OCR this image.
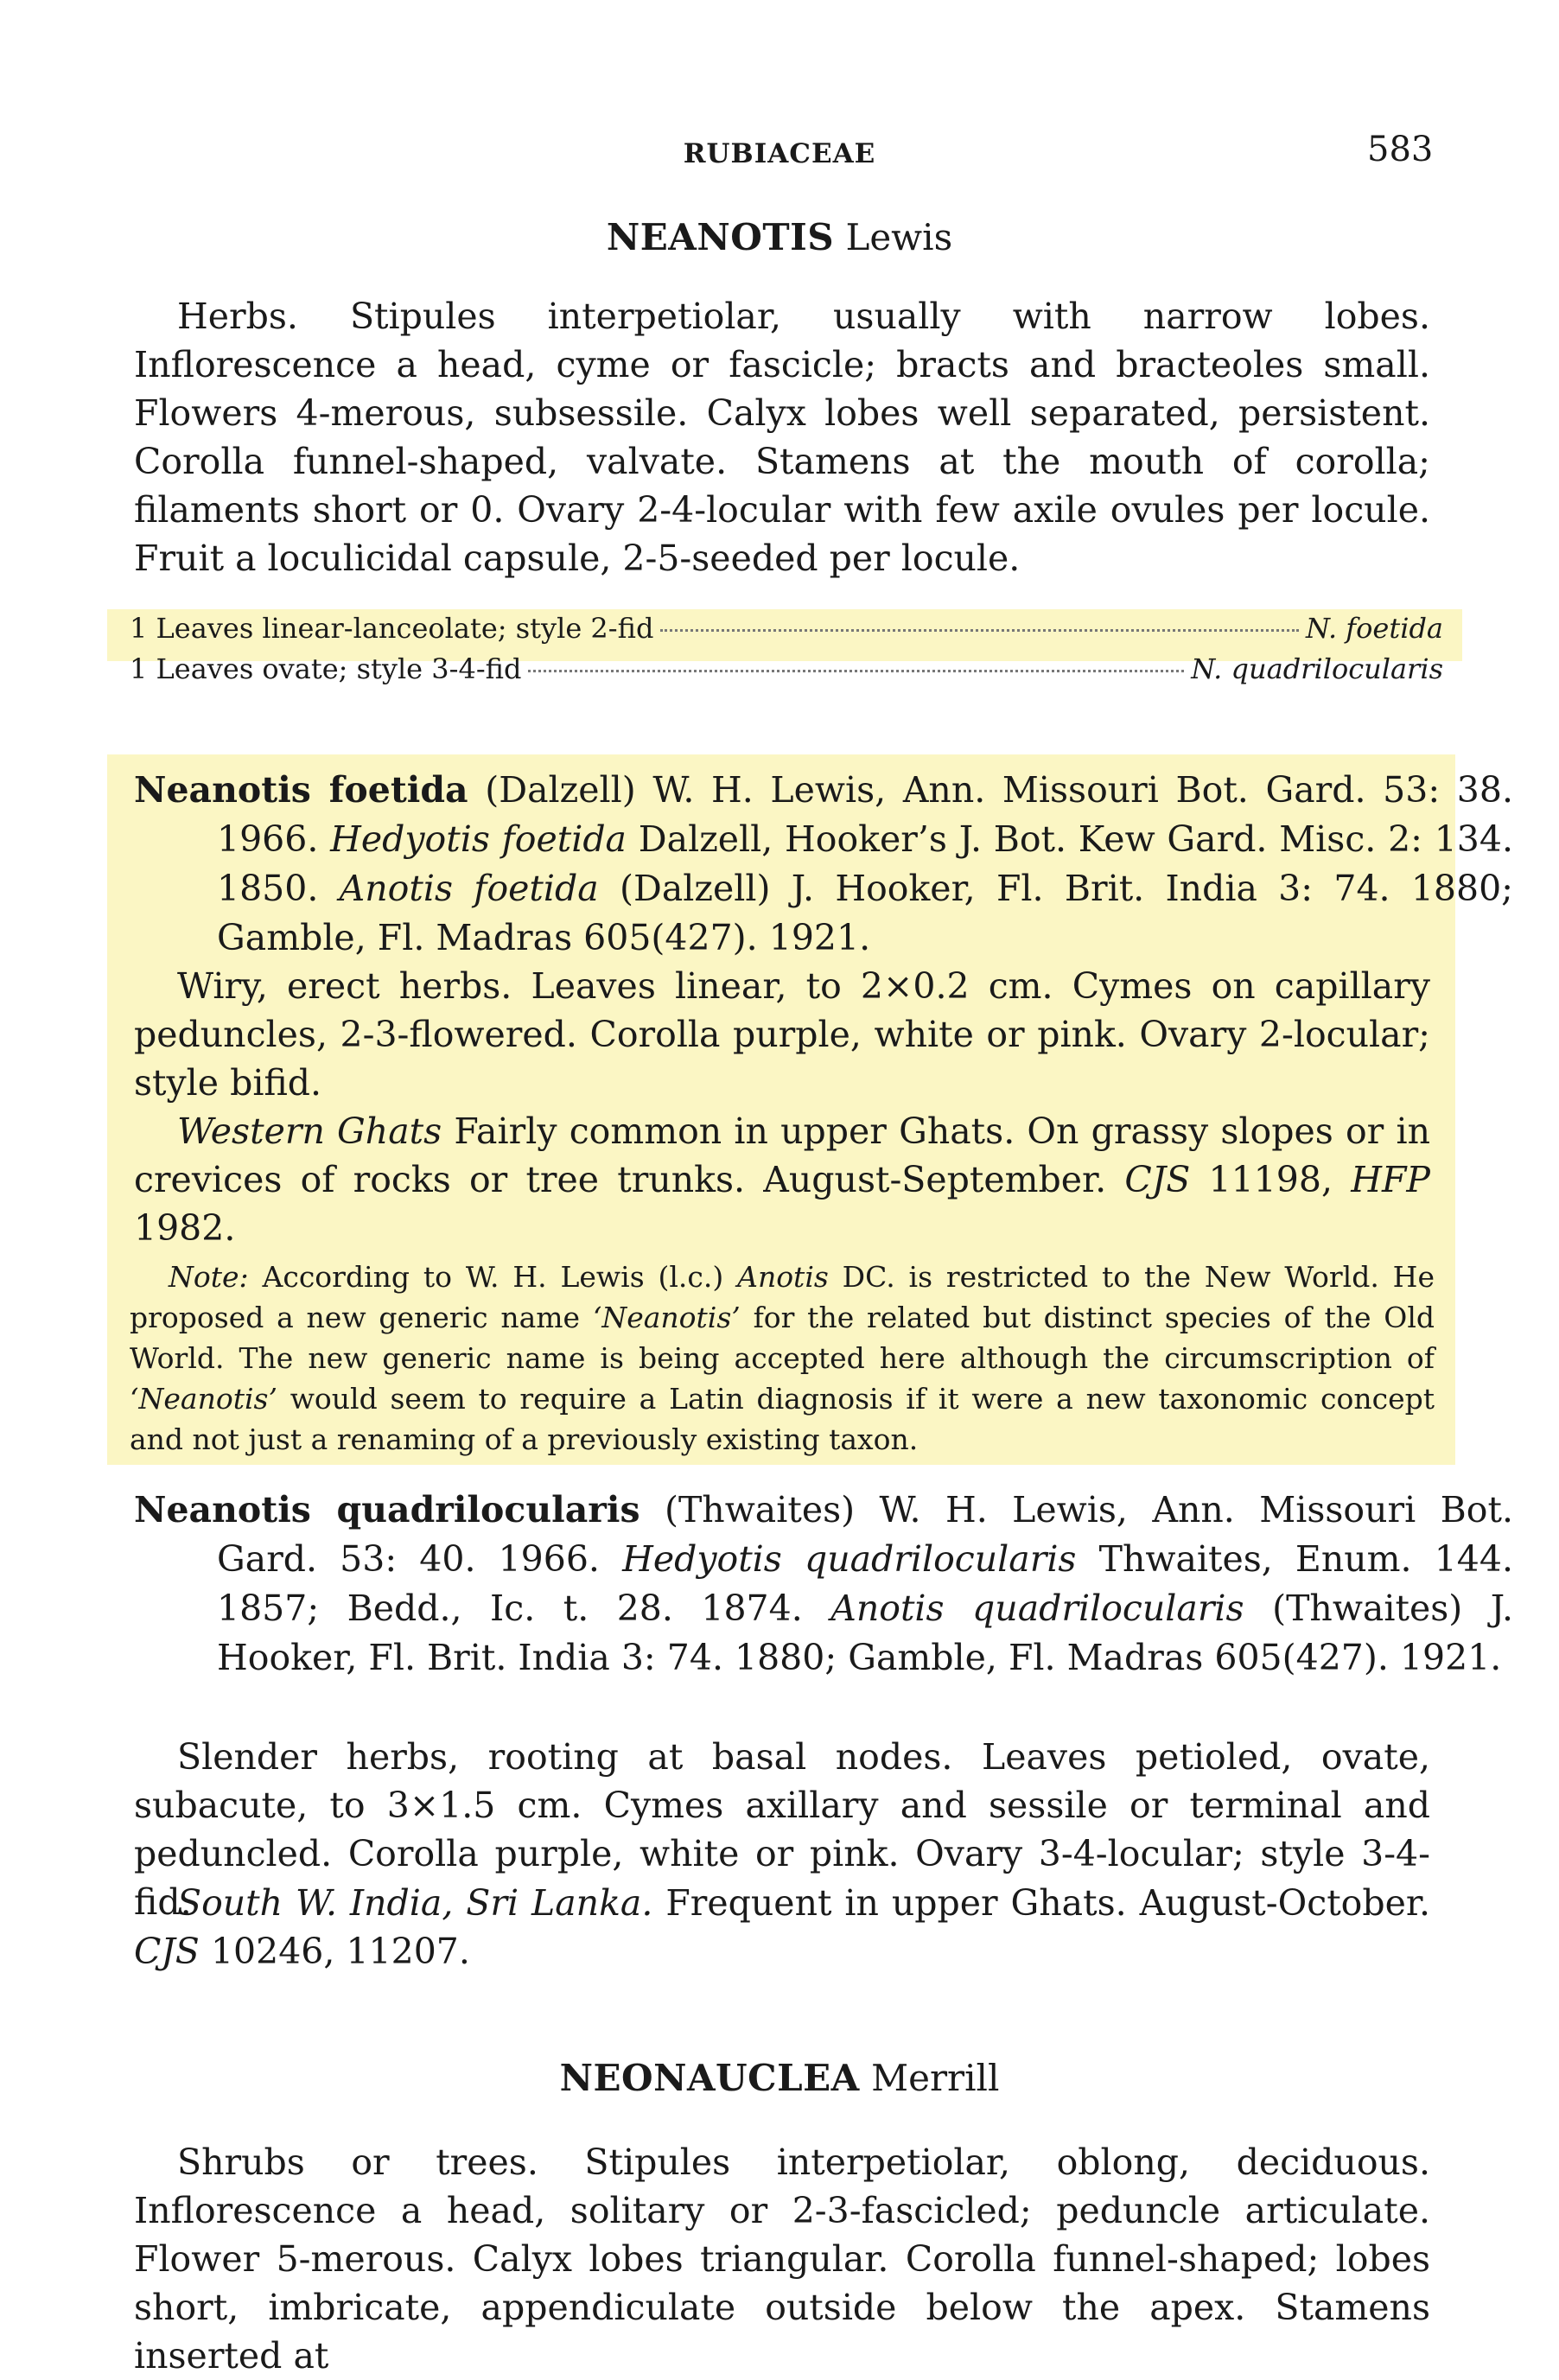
RUBIACEAE	583
NEANOTIS Lewis

Herbs. Stipules interpetiolar, usually with narrow lobes. Inflorescence a head, cyme or fascicle; bracts and bracteoles small. Flowers 4-merous, subsessile. Calyx lobes well separated, persistent. Corolla funnel-shaped, valvate. Stamens at the mouth of corolla; filaments short or 0. Ovary 2-4-locular with few axile ovules per locule. Fruit a loculicidal capsule, 2-5-seeded per locule.

1 Leaves linear-lanceolate; style 2-fid	N. foetida
1 Leaves ovate; style 3-4-fid	N. quadrilocularis

Neanotis foetida (Dalzell) W. H. Lewis, Ann. Missouri Bot. Gard. 53: 38. 1966. Hedyotis foetida Dalzell, Hooker’s J. Bot. Kew Gard. Misc. 2: 134. 1850. Anotis foetida (Dalzell) J. Hooker, Fl. Brit. India 3: 74. 1880; Gamble, Fl. Madras 605(427). 1921.

Wiry, erect herbs. Leaves linear, to 2×0.2 cm. Cymes on capillary peduncles, 2-3-flowered. Corolla purple, white or pink. Ovary 2-locular; style bifid.

Western Ghats Fairly common in upper Ghats. On grassy slopes or in crevices of rocks or tree trunks. August-September. CJS 11198, HFP 1982.

Note: According to W. H. Lewis (l.c.) Anotis DC. is restricted to the New World. He proposed a new generic name ‘Neanotis’ for the related but distinct species of the Old World. The new generic name is being accepted here although the circumscription of ‘Neanotis’ would seem to require a Latin diagnosis if it were a new taxonomic concept and not just a renaming of a previously existing taxon.

Neanotis quadrilocularis (Thwaites) W. H. Lewis, Ann. Missouri Bot. Gard. 53: 40. 1966. Hedyotis quadrilocularis Thwaites, Enum. 144. 1857; Bedd., Ic. t. 28. 1874. Anotis quadrilocularis (Thwaites) J. Hooker, Fl. Brit. India 3: 74. 1880; Gamble, Fl. Madras 605(427). 1921.

Slender herbs, rooting at basal nodes. Leaves petioled, ovate, subacute, to 3×1.5 cm. Cymes axillary and sessile or terminal and peduncled. Corolla purple, white or pink. Ovary 3-4-locular; style 3-4-fid.

South W. India, Sri Lanka. Frequent in upper Ghats. August-October. CJS 10246, 11207.

NEONAUCLEA Merrill

Shrubs or trees. Stipules interpetiolar, oblong, deciduous. Inflorescence a head, solitary or 2-3-fascicled; peduncle articulate. Flower 5-merous. Calyx lobes triangular. Corolla funnel-shaped; lobes short, imbricate, appendiculate outside below the apex. Stamens inserted at
